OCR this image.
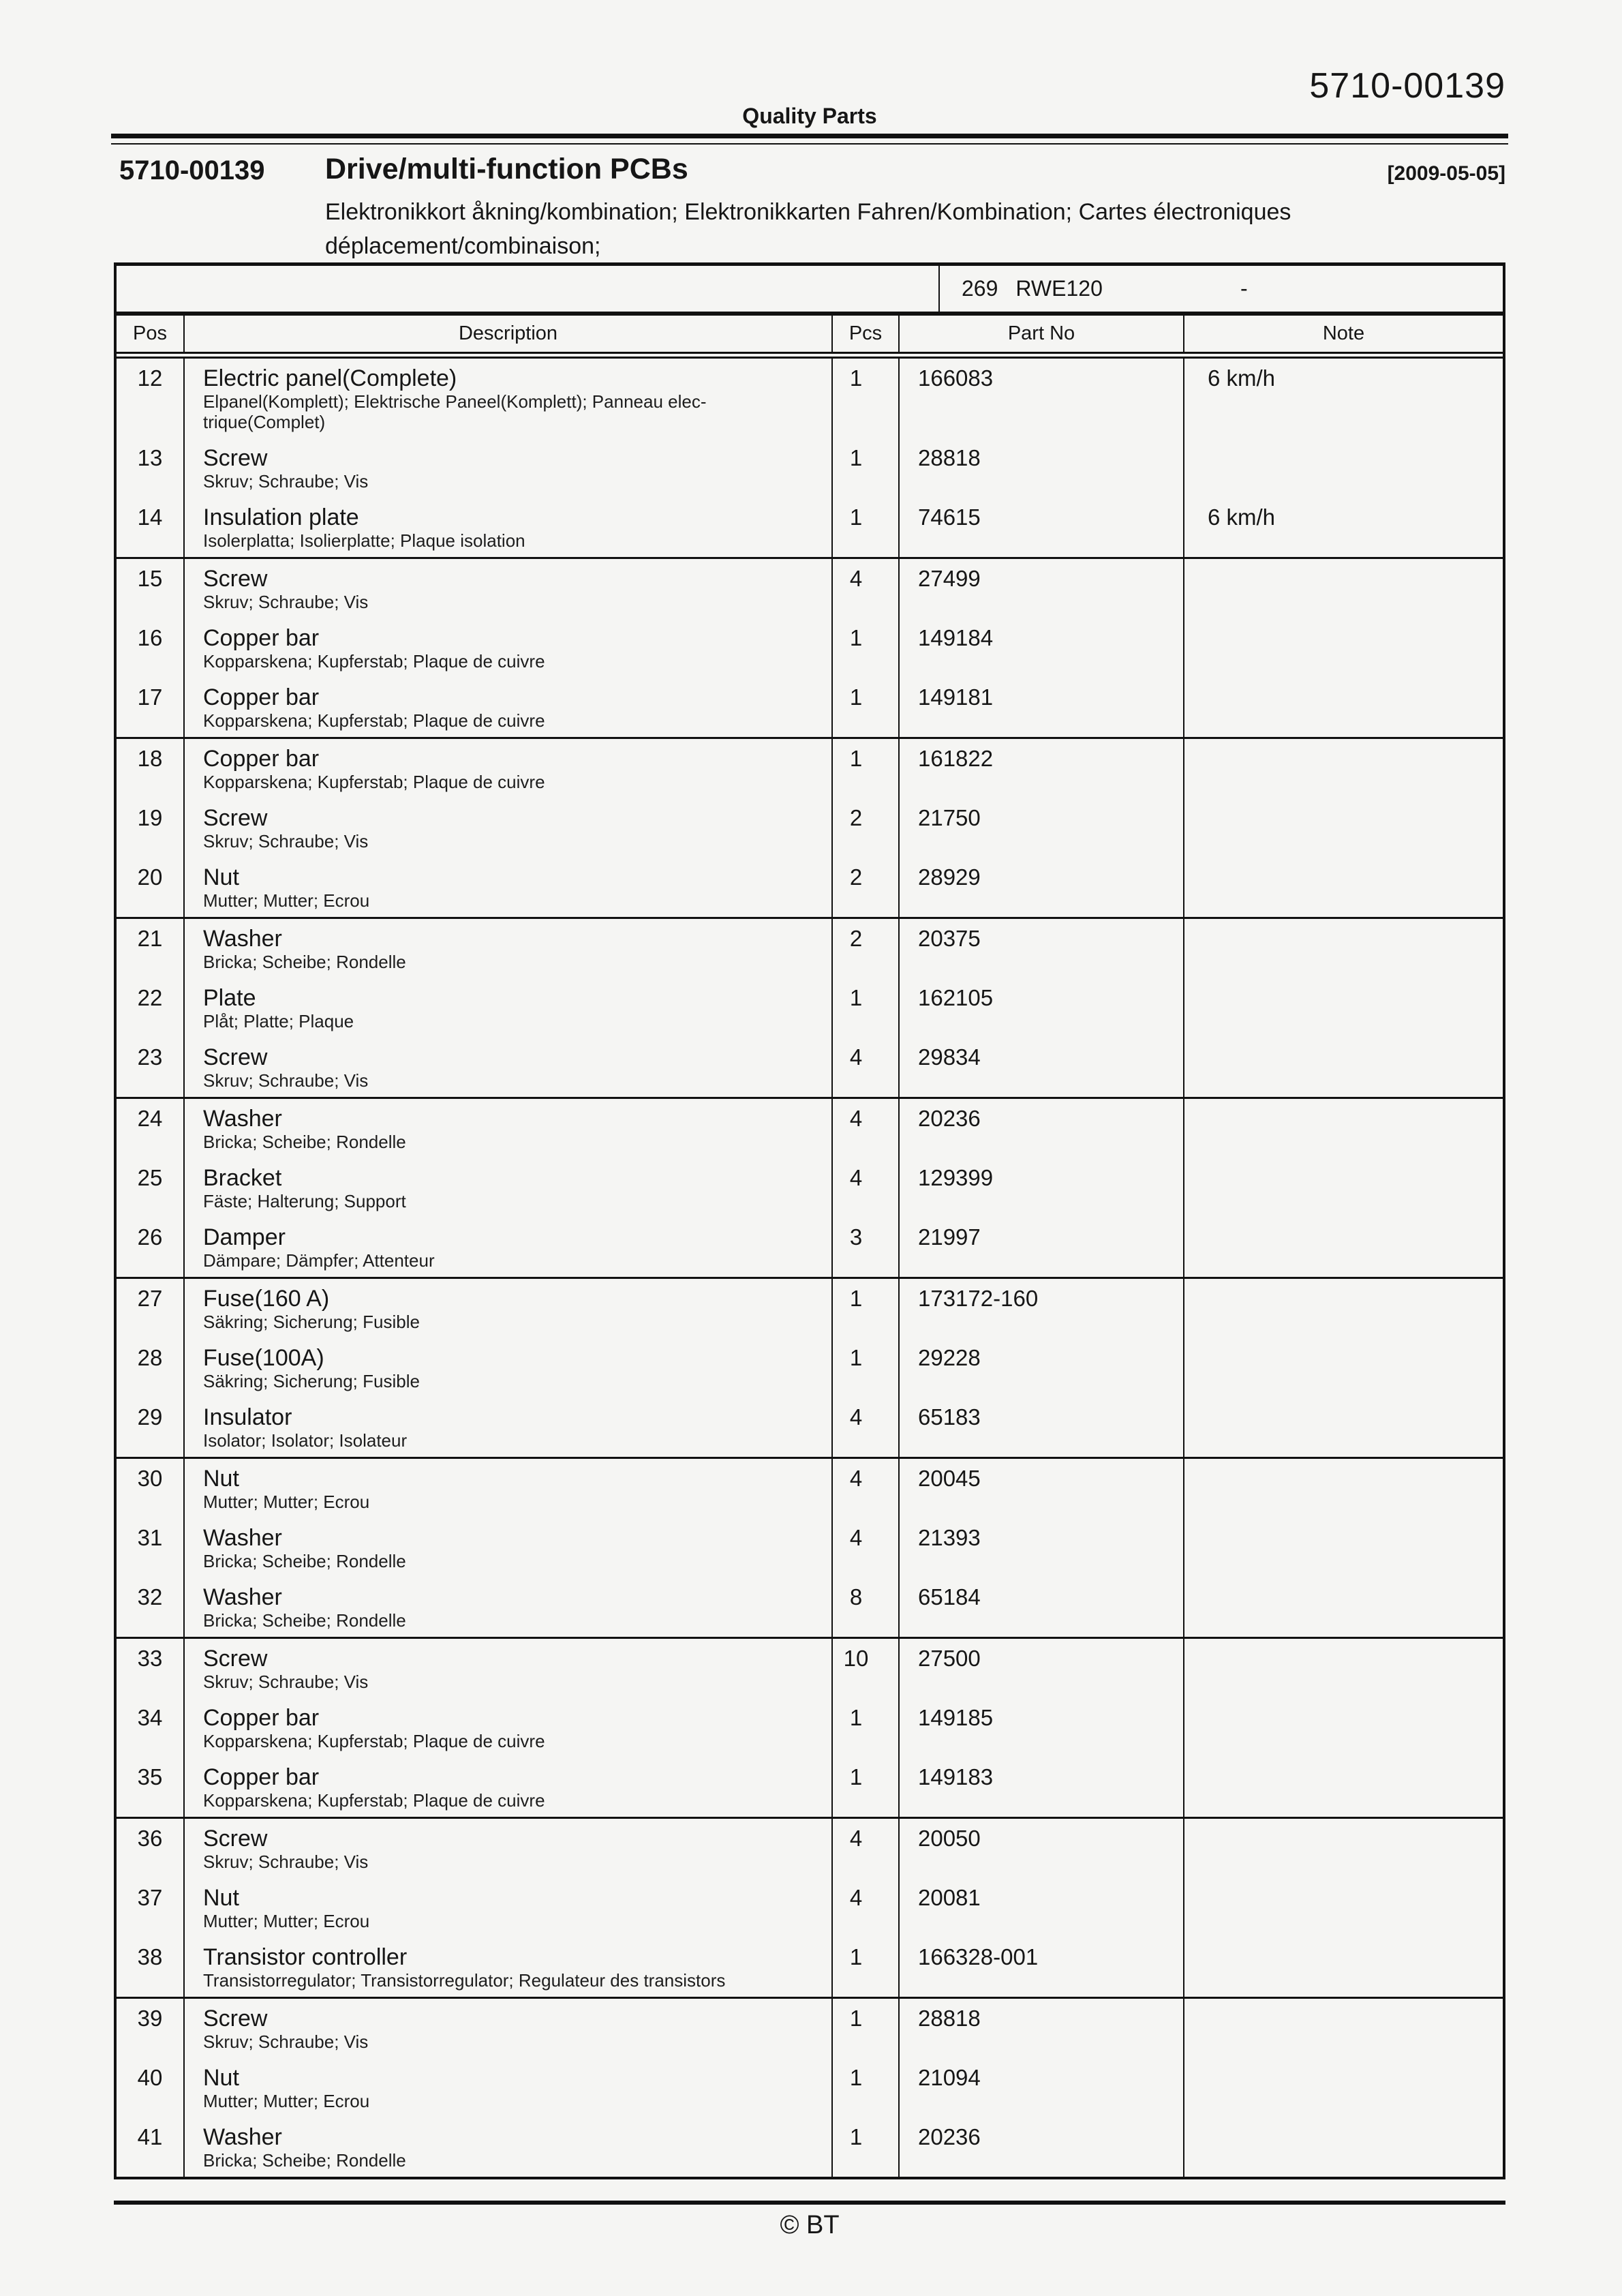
5710-00139
Quality Parts
5710-00139 Drive/multi-function PCBs	[2009-05-05]
Elektronikkort åkning/kombination; Elektronikkarten Fahren/Kombination; Cartes électroniques déplacement/combinaison;
269 RWE120	-
Pos	Description	Pcs	Part No	Note
12	Electric panel(Complete)
Elpanel(Komplett); Elektrische Paneel(Komplett); Panneau elec-
trique(Complet)
1	166083	6 km/h
13	Screw
Skruv; Schraube; Vis
1	28818
14	Insulation plate
Isolerplatta; Isolierplatte; Plaque isolation
1	74615	6 km/h
15	Screw
Skruv; Schraube; Vis
4	27499
16	Copper bar
Kopparskena; Kupferstab; Plaque de cuivre
1	149184
17	Copper bar
Kopparskena; Kupferstab; Plaque de cuivre
1	149181
18	Copper bar
Kopparskena; Kupferstab; Plaque de cuivre
1	161822
19	Screw
Skruv; Schraube; Vis
2	21750
20	Nut
Mutter; Mutter; Ecrou
2	28929
21	Washer
Bricka; Scheibe; Rondelle
2	20375
22	Plate
Plåt; Platte; Plaque
1	162105
23	Screw
Skruv; Schraube; Vis
4	29834
24	Washer
Bricka; Scheibe; Rondelle
4	20236
25	Bracket
Fäste; Halterung; Support
4	129399
26	Damper
Dämpare; Dämpfer; Attenteur
3	21997
27	Fuse(160 A)
Säkring; Sicherung; Fusible
1	173172-160
28	Fuse(100A)
Säkring; Sicherung; Fusible
1	29228
29	Insulator
Isolator; Isolator; Isolateur
4	65183
30	Nut
Mutter; Mutter; Ecrou
4	20045
31	Washer
Bricka; Scheibe; Rondelle
4	21393
32	Washer
Bricka; Scheibe; Rondelle
8	65184
33	Screw
Skruv; Schraube; Vis
10	27500
34	Copper bar
Kopparskena; Kupferstab; Plaque de cuivre
1	149185
35	Copper bar
Kopparskena; Kupferstab; Plaque de cuivre
1	149183
36	Screw
Skruv; Schraube; Vis
4	20050
37	Nut
Mutter; Mutter; Ecrou
4	20081
38	Transistor controller
Transistorregulator; Transistorregulator; Regulateur des transistors
1	166328-001
39	Screw
Skruv; Schraube; Vis
1	28818
40	Nut
Mutter; Mutter; Ecrou
1	21094
41	Washer
Bricka; Scheibe; Rondelle
1	20236
© BT
